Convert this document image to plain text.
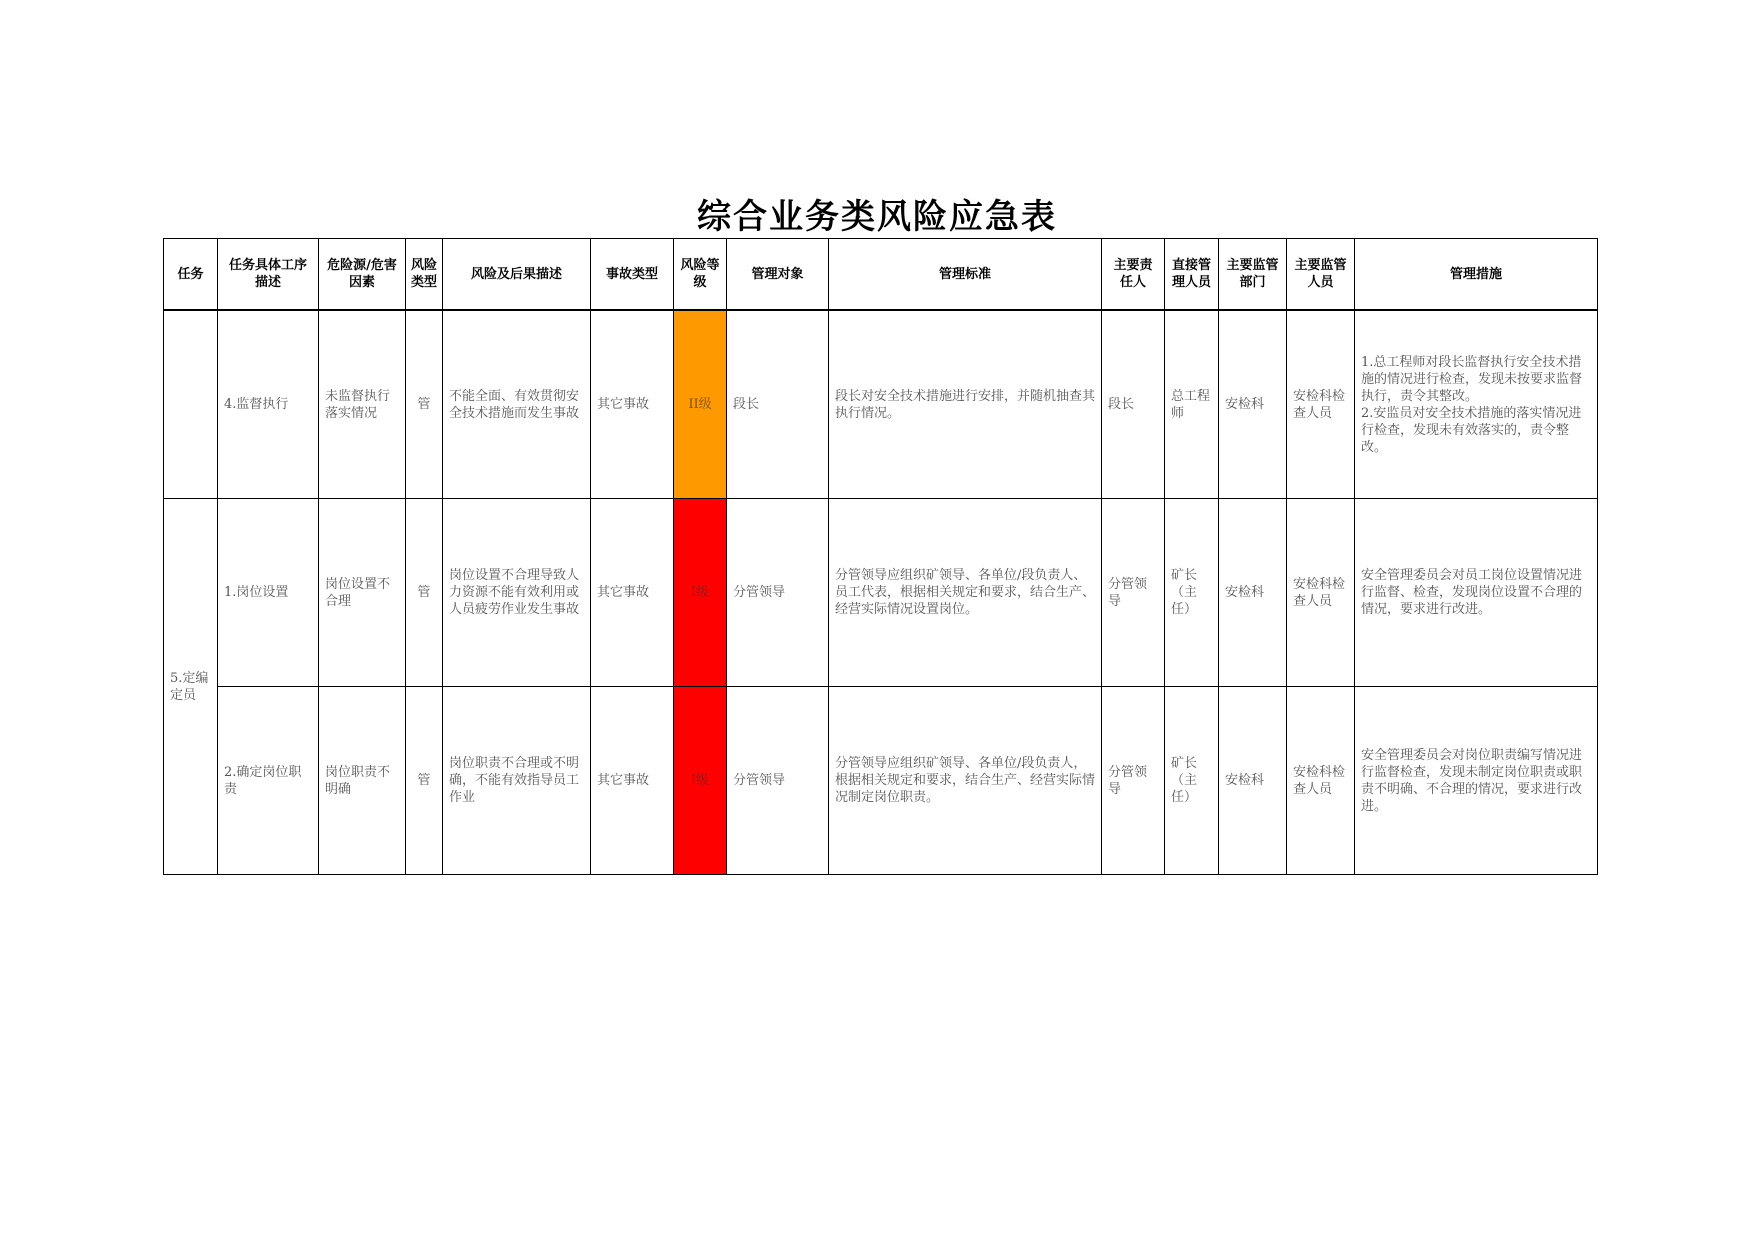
综合业务类风险应急表
任务	任务具体工序描述	危险源/危害因素	风险类型	风险及后果描述	事故类型	风险等级	管理对象	管理标准	主要责任人	直接管理人员	主要监管部门	主要监管人员	管理措施
	4.监督执行	未监督执行落实情况	管	不能全面、有效贯彻安全技术措施而发生事故	其它事故	II级	段长	段长对安全技术措施进行安排，并随机抽查其执行情况。	段长	总工程师	安检科	安检科检查人员	1.总工程师对段长监督执行安全技术措施的情况进行检查，发现未按要求监督执行，责令其整改。
2.安监员对安全技术措施的落实情况进行检查，发现未有效落实的，责令整改。
5.定编定员	1.岗位设置	岗位设置不合理	管	岗位设置不合理导致人力资源不能有效利用或人员疲劳作业发生事故	其它事故	I级	分管领导	分管领导应组织矿领导、各单位/段负责人、员工代表，根据相关规定和要求，结合生产、经营实际情况设置岗位。	分管领导	矿长（主任）	安检科	安检科检查人员	安全管理委员会对员工岗位设置情况进行监督、检查，发现岗位设置不合理的情况，要求进行改进。
	2.确定岗位职责	岗位职责不明确	管	岗位职责不合理或不明确，不能有效指导员工作业	其它事故	I级	分管领导	分管领导应组织矿领导、各单位/段负责人，根据相关规定和要求，结合生产、经营实际情况制定岗位职责。	分管领导	矿长（主任）	安检科	安检科检查人员	安全管理委员会对岗位职责编写情况进行监督检查，发现未制定岗位职责或职责不明确、不合理的情况，要求进行改进。
